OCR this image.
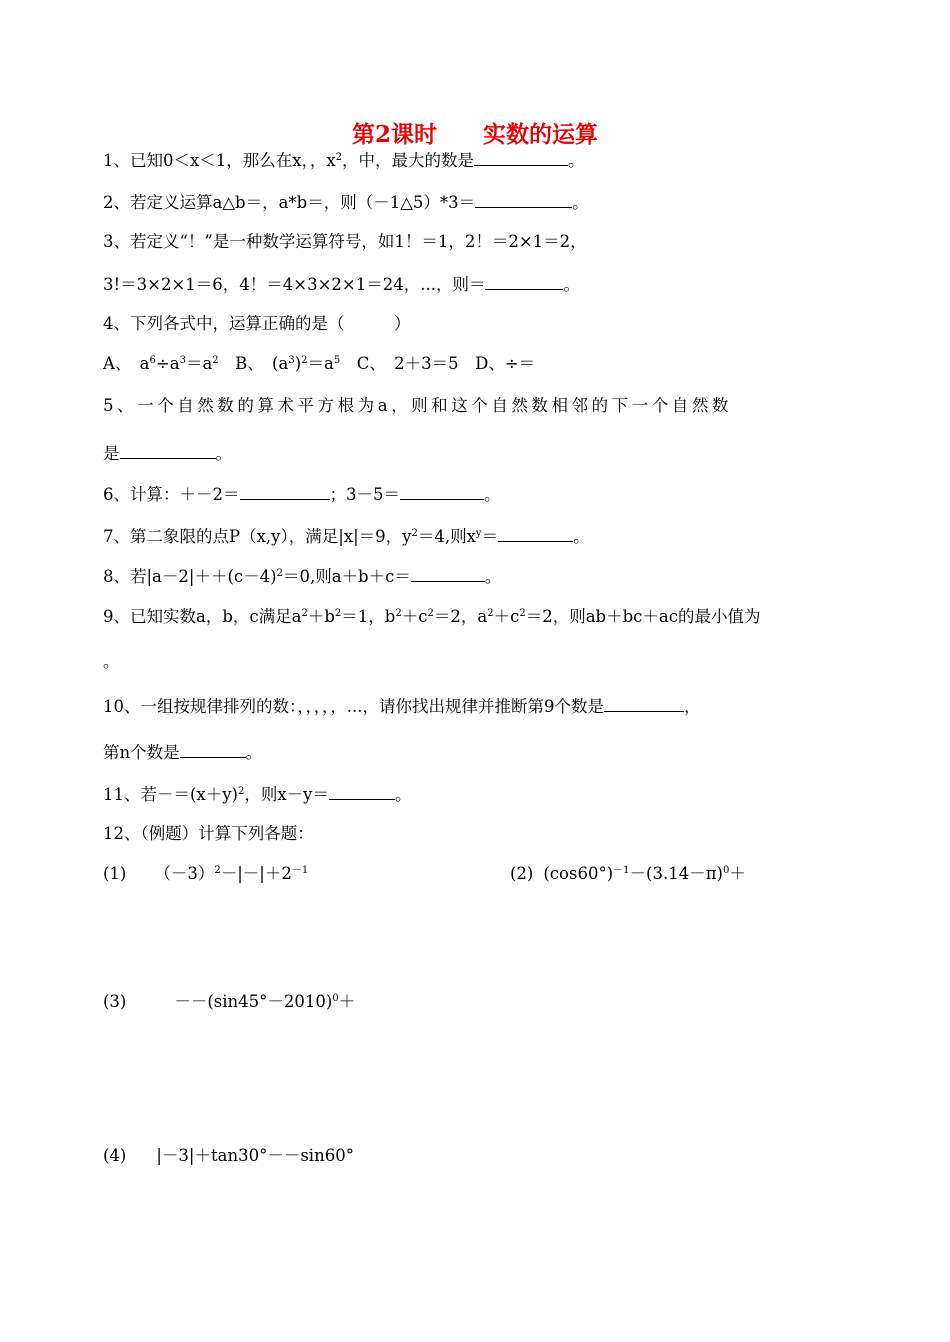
第2课时　　实数的运算
1、已知0＜x＜1，那么在x，，$x^2$，中，最大的数是	。
2、若定义运算a△b＝，a*b＝，则（－1△5）*3＝	。
3、若定义“！”是一种数学运算符号，如1！＝1，2！＝2×1＝2，
3!＝3×2×1＝6，4！＝4×3×2×1＝24，...，则＝	。
4、下列各式中，运算正确的是（　　　）
A、　$a^6\div a^3=a^2$　B、　$(a^3)^2=a^5$　C、　2＋3＝5　D、÷＝
5、一个自然数的算术平方根为a，则和这个自然数相邻的下一个自然数
是	。
6、计算：＋－2＝	；3－5＝	。
7、第二象限的点P（x,y），满足|x|＝9，$y^2=4$,则$x^y=$	。
8、若$|a-2|++(c-4)^2=0$,则a＋b＋c＝	。
9、已知实数a，b，c满足$a^2+b^2=1$，$b^2+c^2=2$，$a^2+c^2=2$，则ab＋bc＋ac的最小值为
。
10、一组按规律排列的数：，，，，，...，请你找出规律并推断第9个数是	，
第n个数是	。
11、若$-=(x+y)^2$，则x－y＝	。
12、（例题）计算下列各题：
(1) $(-3)^2-|-|+2^{-1}$	(2) $(\cos 60^\circ)^{-1}-(3.14-\pi)^0+$
(3)	$--(\sin 45^\circ-2010)^0+$
(4) |－3|＋tan30°－－sin60°
